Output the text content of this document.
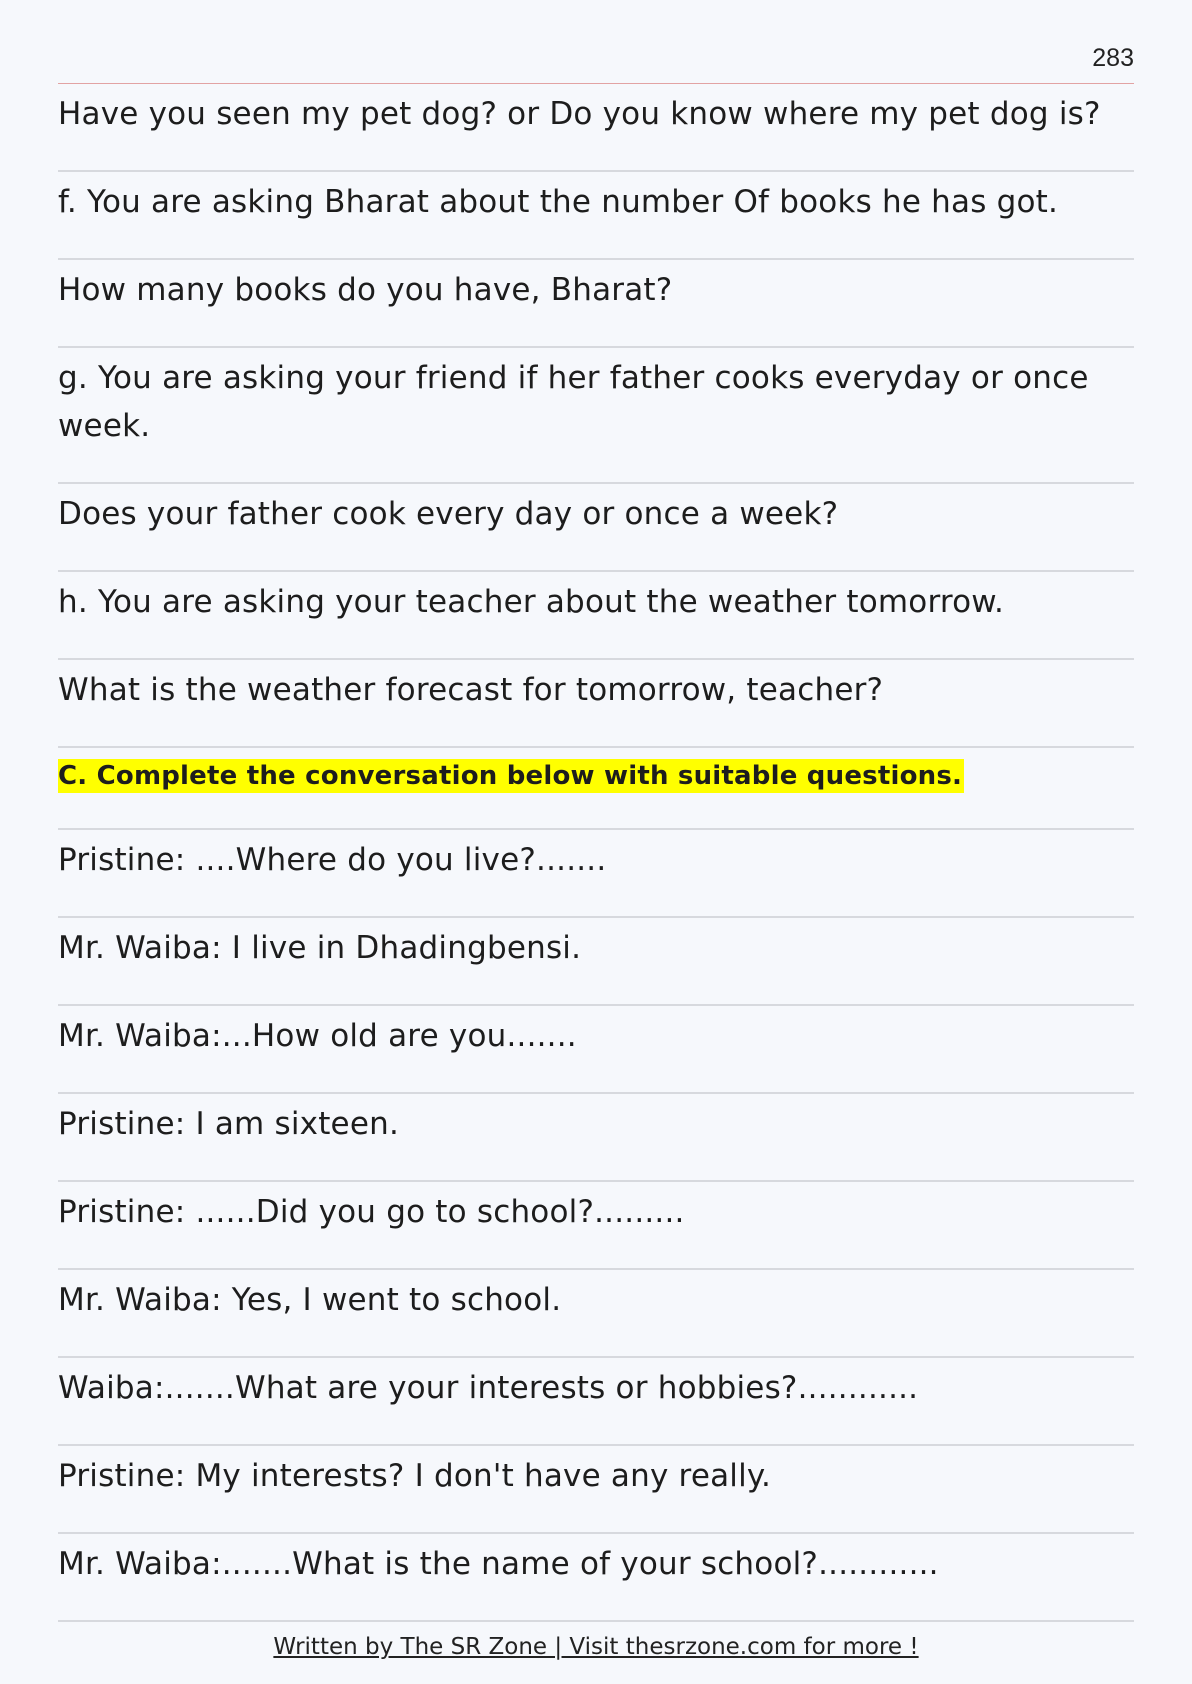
283
Have you seen my pet dog? or Do you know where my pet dog is?
f. You are asking Bharat about the number Of books he has got.
How many books do you have, Bharat?
g. You are asking your friend if her father cooks everyday or once week.
Does your father cook every day or once a week?
h. You are asking your teacher about the weather tomorrow.
What is the weather forecast for tomorrow, teacher?
C. Complete the conversation below with suitable questions.
Pristine: ....Where do you live?.......
Mr. Waiba: I live in Dhadingbensi.
Mr. Waiba:...How old are you.......
Pristine: I am sixteen.
Pristine: ......Did you go to school?.........
Mr. Waiba: Yes, I went to school.
Waiba:.......What are your interests or hobbies?............
Pristine: My interests? I don't have any really.
Mr. Waiba:.......What is the name of your school?............
Written by The SR Zone | Visit thesrzone.com for more !
